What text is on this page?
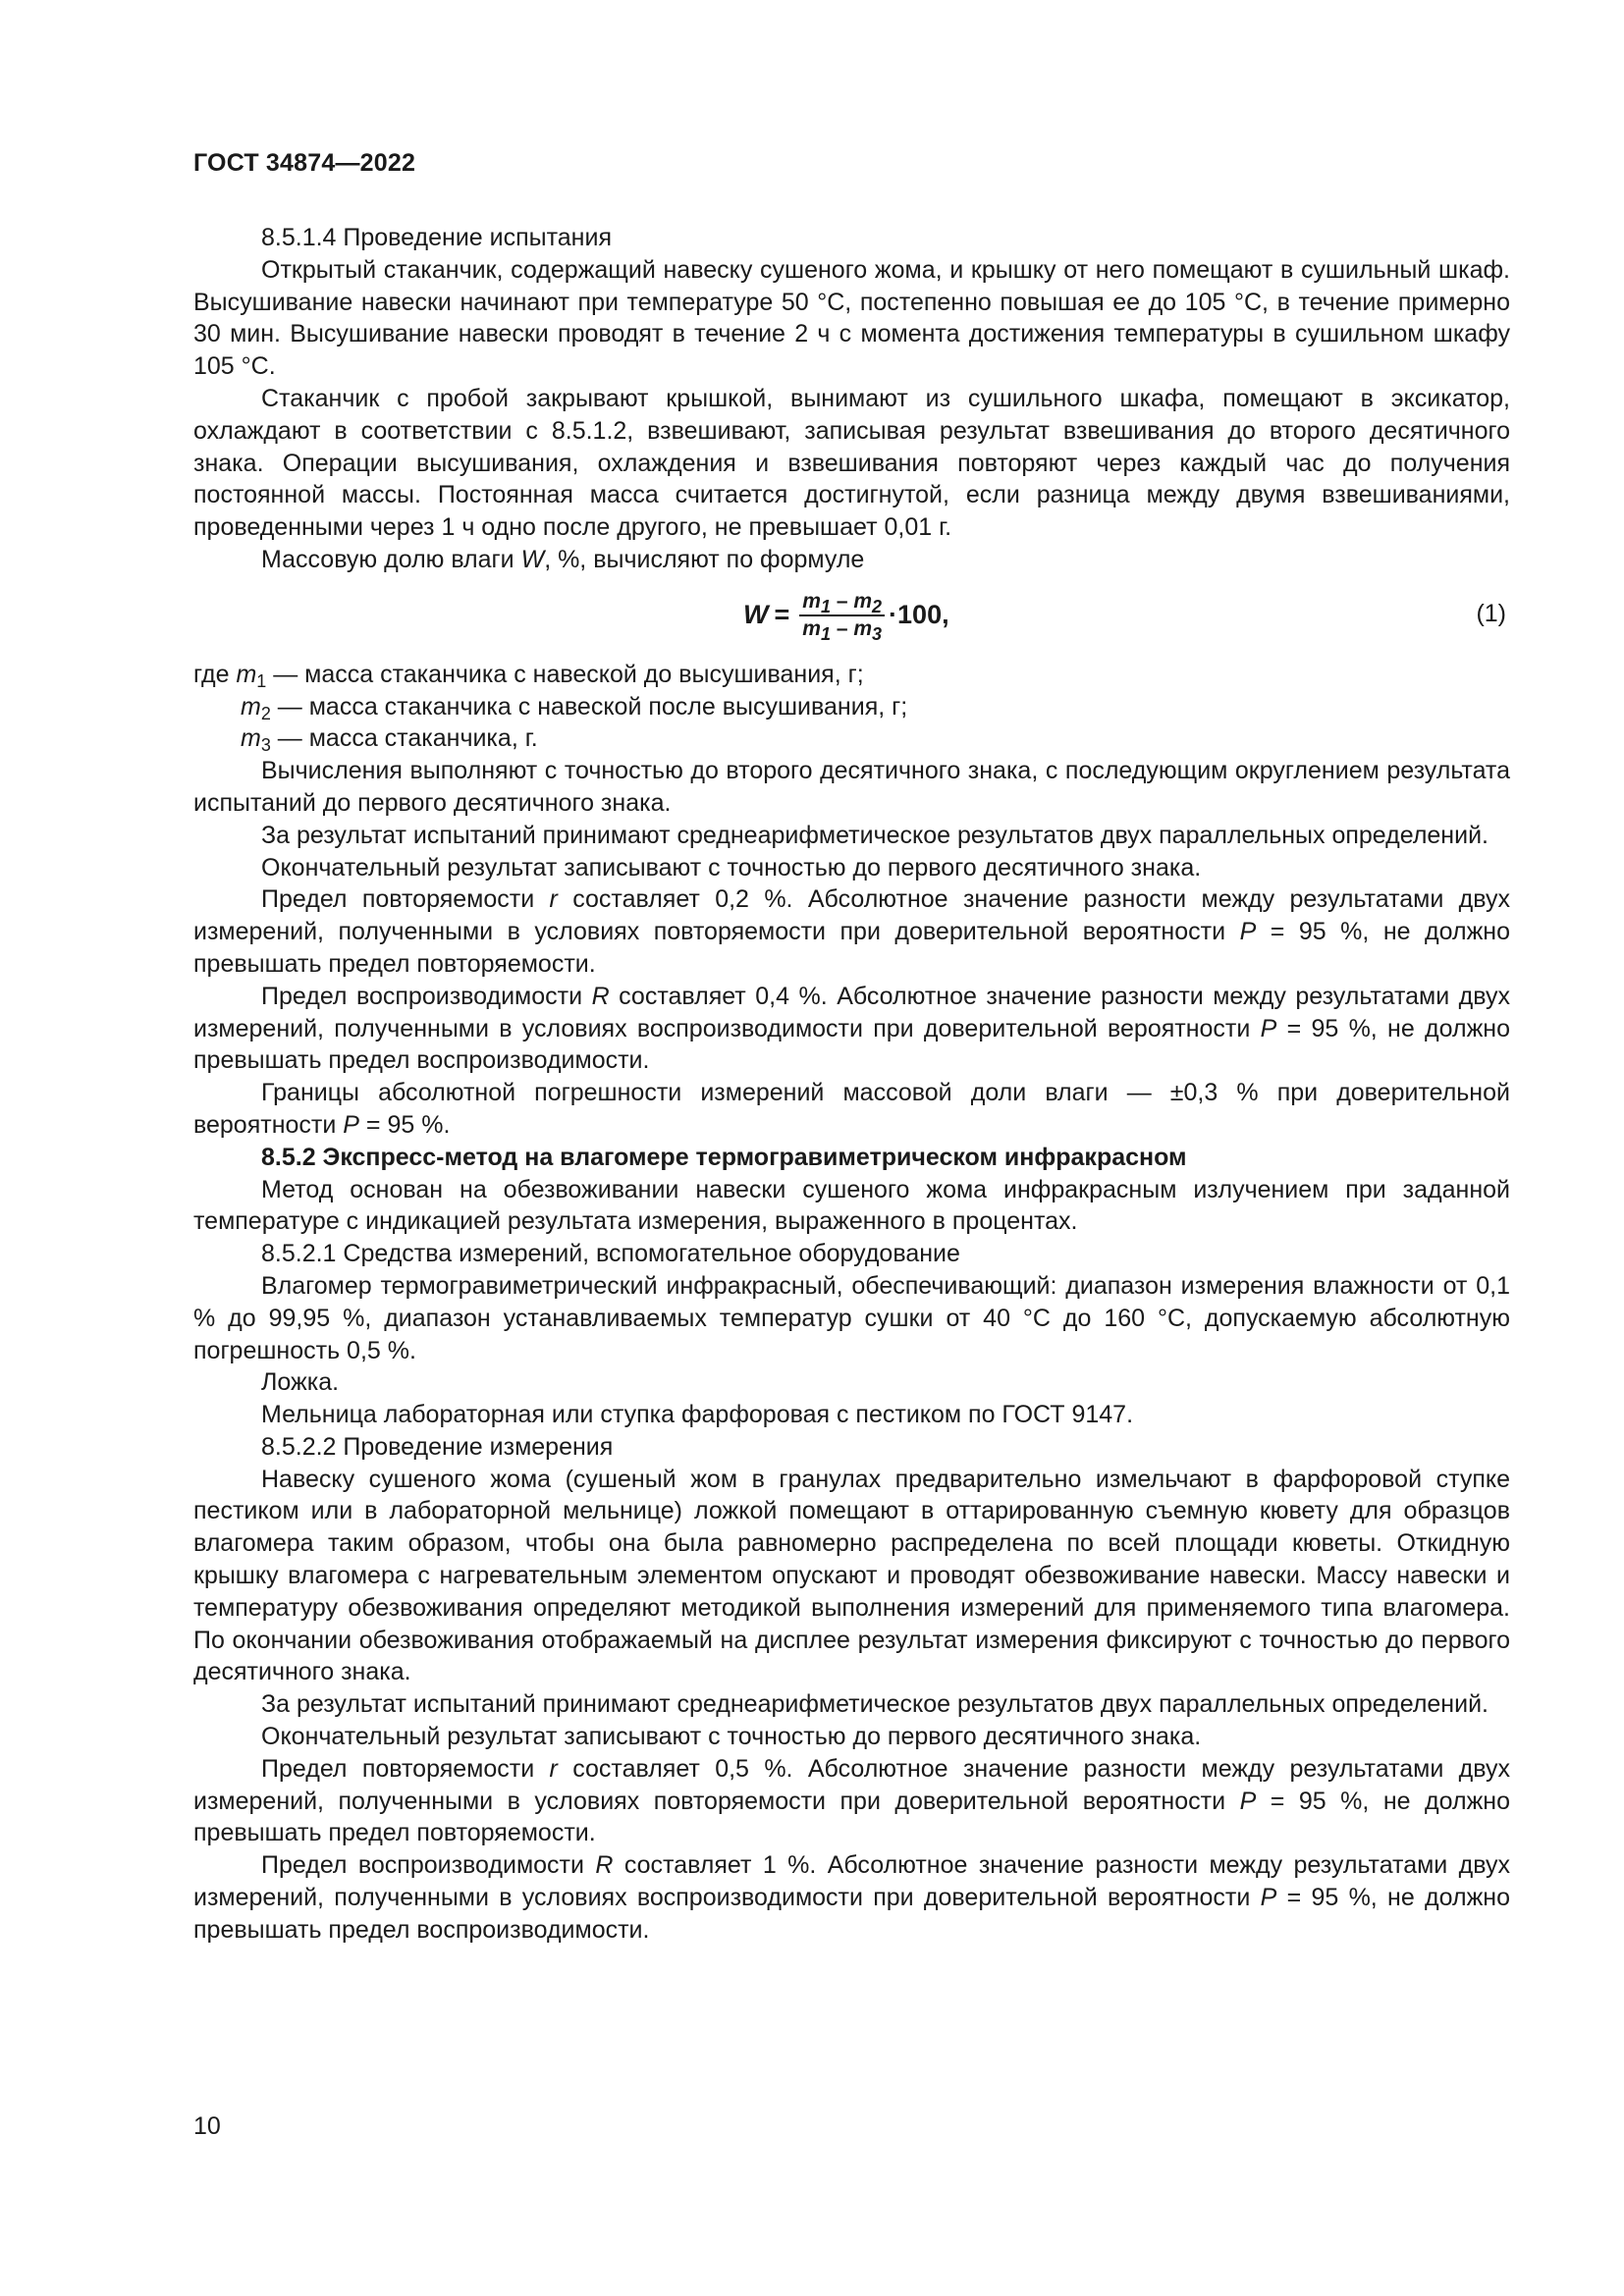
ГОСТ 34874—2022

8.5.1.4 Проведение испытания

Открытый стаканчик, содержащий навеску сушеного жома, и крышку от него помещают в сушильный шкаф. Высушивание навески начинают при температуре 50 °С, постепенно повышая ее до 105 °С, в течение примерно 30 мин. Высушивание навески проводят в течение 2 ч с момента достижения температуры в сушильном шкафу 105 °С.

Стаканчик с пробой закрывают крышкой, вынимают из сушильного шкафа, помещают в эксикатор, охлаждают в соответствии с 8.5.1.2, взвешивают, записывая результат взвешивания до второго десятичного знака. Операции высушивания, охлаждения и взвешивания повторяют через каждый час до получения постоянной массы. Постоянная масса считается достигнутой, если разница между двумя взвешиваниями, проведенными через 1 ч одно после другого, не превышает 0,01 г.

Массовую долю влаги W, %, вычисляют по формуле

$W = \frac{m_1 - m_2}{m_1 - m_3} \cdot 100$,	(1)

где $m_1$ — масса стаканчика с навеской до высушивания, г;

$m_2$ — масса стаканчика с навеской после высушивания, г;

$m_3$ — масса стаканчика, г.

Вычисления выполняют с точностью до второго десятичного знака, с последующим округлением результата испытаний до первого десятичного знака.

За результат испытаний принимают среднеарифметическое результатов двух параллельных определений.

Окончательный результат записывают с точностью до первого десятичного знака.

Предел повторяемости r составляет 0,2 %. Абсолютное значение разности между результатами двух измерений, полученными в условиях повторяемости при доверительной вероятности P = 95 %, не должно превышать предел повторяемости.

Предел воспроизводимости R составляет 0,4 %. Абсолютное значение разности между результатами двух измерений, полученными в условиях воспроизводимости при доверительной вероятности P = 95 %, не должно превышать предел воспроизводимости.

Границы абсолютной погрешности измерений массовой доли влаги — ±0,3 % при доверительной вероятности P = 95 %.

8.5.2 Экспресс-метод на влагомере термогравиметрическом инфракрасном

Метод основан на обезвоживании навески сушеного жома инфракрасным излучением при заданной температуре с индикацией результата измерения, выраженного в процентах.

8.5.2.1 Средства измерений, вспомогательное оборудование

Влагомер термогравиметрический инфракрасный, обеспечивающий: диапазон измерения влажности от 0,1 % до 99,95 %, диапазон устанавливаемых температур сушки от 40 °С до 160 °С, допускаемую абсолютную погрешность 0,5 %.

Ложка.

Мельница лабораторная или ступка фарфоровая с пестиком по ГОСТ 9147.

8.5.2.2 Проведение измерения

Навеску сушеного жома (сушеный жом в гранулах предварительно измельчают в фарфоровой ступке пестиком или в лабораторной мельнице) ложкой помещают в оттарированную съемную кювету для образцов влагомера таким образом, чтобы она была равномерно распределена по всей площади кюветы. Откидную крышку влагомера с нагревательным элементом опускают и проводят обезвоживание навески. Массу навески и температуру обезвоживания определяют методикой выполнения измерений для применяемого типа влагомера. По окончании обезвоживания отображаемый на дисплее результат измерения фиксируют с точностью до первого десятичного знака.

За результат испытаний принимают среднеарифметическое результатов двух параллельных определений.

Окончательный результат записывают с точностью до первого десятичного знака.

Предел повторяемости r составляет 0,5 %. Абсолютное значение разности между результатами двух измерений, полученными в условиях повторяемости при доверительной вероятности P = 95 %, не должно превышать предел повторяемости.

Предел воспроизводимости R составляет 1 %. Абсолютное значение разности между результатами двух измерений, полученными в условиях воспроизводимости при доверительной вероятности P = 95 %, не должно превышать предел воспроизводимости.

10
